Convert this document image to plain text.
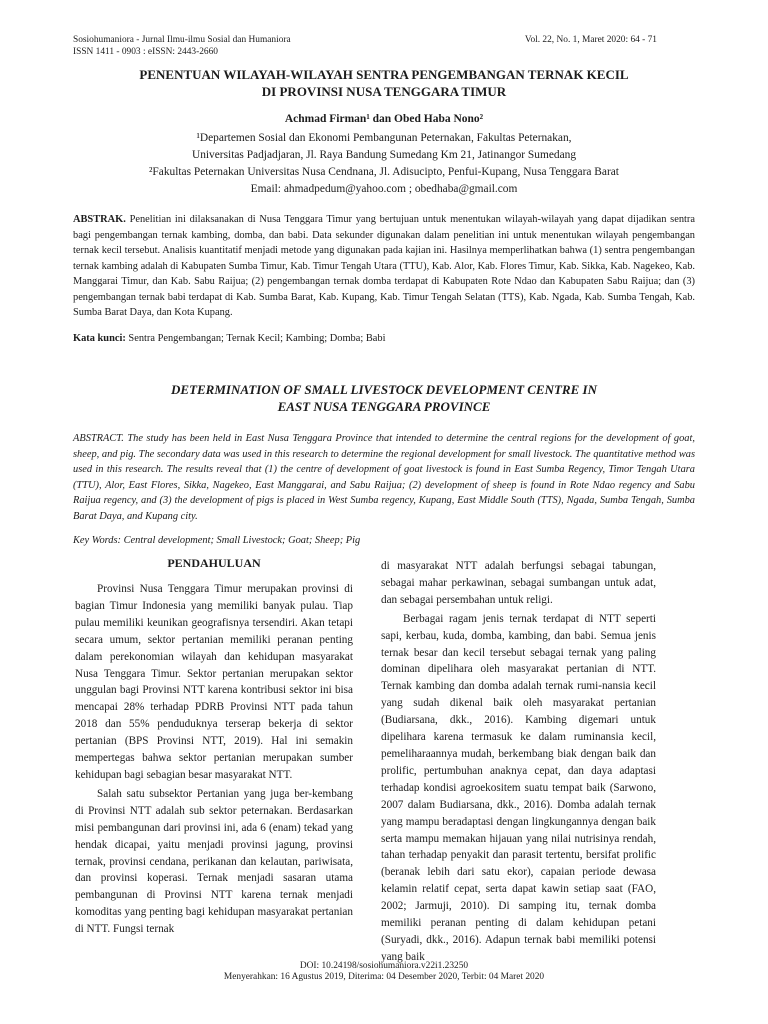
Sosiohumaniora - Jurnal Ilmu-ilmu Sosial dan Humaniora
ISSN 1411 - 0903 : eISSN: 2443-2660
Vol. 22, No. 1, Maret 2020: 64 - 71
PENENTUAN WILAYAH-WILAYAH SENTRA PENGEMBANGAN TERNAK KECIL
DI PROVINSI NUSA TENGGARA TIMUR
Achmad Firman¹ dan Obed Haba Nono²
¹Departemen Sosial dan Ekonomi Pembangunan Peternakan, Fakultas Peternakan,
Universitas Padjadjaran, Jl. Raya Bandung Sumedang Km 21, Jatinangor Sumedang
²Fakultas Peternakan Universitas Nusa Cendnana, Jl. Adisucipto, Penfui-Kupang, Nusa Tenggara Barat
Email: ahmadpedum@yahoo.com ; obedhaba@gmail.com
ABSTRAK. Penelitian ini dilaksanakan di Nusa Tenggara Timur yang bertujuan untuk menentukan wilayah-wilayah yang dapat dijadikan sentra bagi pengembangan ternak kambing, domba, dan babi. Data sekunder digunakan dalam penelitian ini untuk menentukan wilayah pengembangan ternak kecil tersebut. Analisis kuantitatif menjadi metode yang digunakan pada kajian ini. Hasilnya memperlihatkan bahwa (1) sentra pengembangan ternak kambing adalah di Kabupaten Sumba Timur, Kab. Timur Tengah Utara (TTU), Kab. Alor, Kab. Flores Timur, Kab. Sikka, Kab. Nagekeo, Kab. Manggarai Timur, dan Kab. Sabu Raijua; (2) pengembangan ternak domba terdapat di Kabupaten Rote Ndao dan Kabupaten Sabu Raijua; dan (3) pengembangan ternak babi terdapat di Kab. Sumba Barat, Kab. Kupang, Kab. Timur Tengah Selatan (TTS), Kab. Ngada, Kab. Sumba Tengah, Kab. Sumba Barat Daya, dan Kota Kupang.
Kata kunci: Sentra Pengembangan; Ternak Kecil; Kambing; Domba; Babi
DETERMINATION OF SMALL LIVESTOCK DEVELOPMENT CENTRE IN
EAST NUSA TENGGARA PROVINCE
ABSTRACT. The study has been held in East Nusa Tenggara Province that intended to determine the central regions for the development of goat, sheep, and pig. The secondary data was used in this research to determine the regional development for small livestock. The quantitative method was used in this research. The results reveal that (1) the centre of development of goat livestock is found in East Sumba Regency, Timor Tengah Utara (TTU), Alor, East Flores, Sikka, Nagekeo, East Manggarai, and Sabu Raijua; (2) development of sheep is found in Rote Ndao regency and Sabu Raijua regency, and (3) the development of pigs is placed in West Sumba regency, Kupang, East Middle South (TTS), Ngada, Sumba Tengah, Sumba Barat Daya, and Kupang city.
Key Words: Central development; Small Livestock; Goat; Sheep; Pig
PENDAHULUAN

Provinsi Nusa Tenggara Timur merupakan provinsi di bagian Timur Indonesia yang memiliki banyak pulau. Tiap pulau memiliki keunikan geografisnya tersendiri. Akan tetapi secara umum, sektor pertanian memiliki peranan penting dalam perekonomian wilayah dan kehidupan masyarakat Nusa Tenggara Timur. Sektor pertanian merupakan sektor unggulan bagi Provinsi NTT karena kontribusi sektor ini bisa mencapai 28% terhadap PDRB Provinsi NTT pada tahun 2018 dan 55% penduduknya terserap bekerja di sektor pertanian (BPS Provinsi NTT, 2019). Hal ini semakin mempertegas bahwa sektor pertanian merupakan sumber kehidupan bagi sebagian besar masyarakat NTT.

Salah satu subsektor Pertanian yang juga ber-kembang di Provinsi NTT adalah sub sektor peternakan. Berdasarkan misi pembangunan dari provinsi ini, ada 6 (enam) tekad yang hendak dicapai, yaitu menjadi provinsi jagung, provinsi ternak, provinsi cendana, perikanan dan kelautan, pariwisata, dan provinsi koperasi. Ternak menjadi sasaran utama pembangunan di Provinsi NTT karena ternak menjadi komoditas yang penting bagi kehidupan masyarakat pertanian di NTT. Fungsi ternak

di masyarakat NTT adalah berfungsi sebagai tabungan, sebagai mahar perkawinan, sebagai sumbangan untuk adat, dan sebagai persembahan untuk religi.

Berbagai ragam jenis ternak terdapat di NTT seperti sapi, kerbau, kuda, domba, kambing, dan babi. Semua jenis ternak besar dan kecil tersebut sebagai ternak yang paling dominan dipelihara oleh masyarakat pertanian di NTT. Ternak kambing dan domba adalah ternak rumi-nansia kecil yang sudah dikenal baik oleh masyarakat pertanian (Budiarsana, dkk., 2016). Kambing digemari untuk dipelihara karena termasuk ke dalam ruminansia kecil, pemeliharaannya mudah, berkembang biak dengan baik dan prolific, pertumbuhan anaknya cepat, dan daya adaptasi terhadap kondisi agroekositem suatu tempat baik (Sarwono, 2007 dalam Budiarsana, dkk., 2016). Domba adalah ternak yang mampu beradaptasi dengan lingkungannya dengan baik serta mampu memakan hijauan yang nilai nutrisinya rendah, tahan terhadap penyakit dan parasit tertentu, bersifat prolific (beranak lebih dari satu ekor), capaian periode dewasa kelamin relatif cepat, serta dapat kawin setiap saat (FAO, 2002; Jarmuji, 2010). Di samping itu, ternak domba memiliki peranan penting di dalam kehidupan petani (Suryadi, dkk., 2016). Adapun ternak babi memiliki potensi yang baik

DOI: 10.24198/sosiohumaniora.v22i1.23250
Menyerahkan: 16 Agustus 2019, Diterima: 04 Desember 2020, Terbit: 04 Maret 2020
